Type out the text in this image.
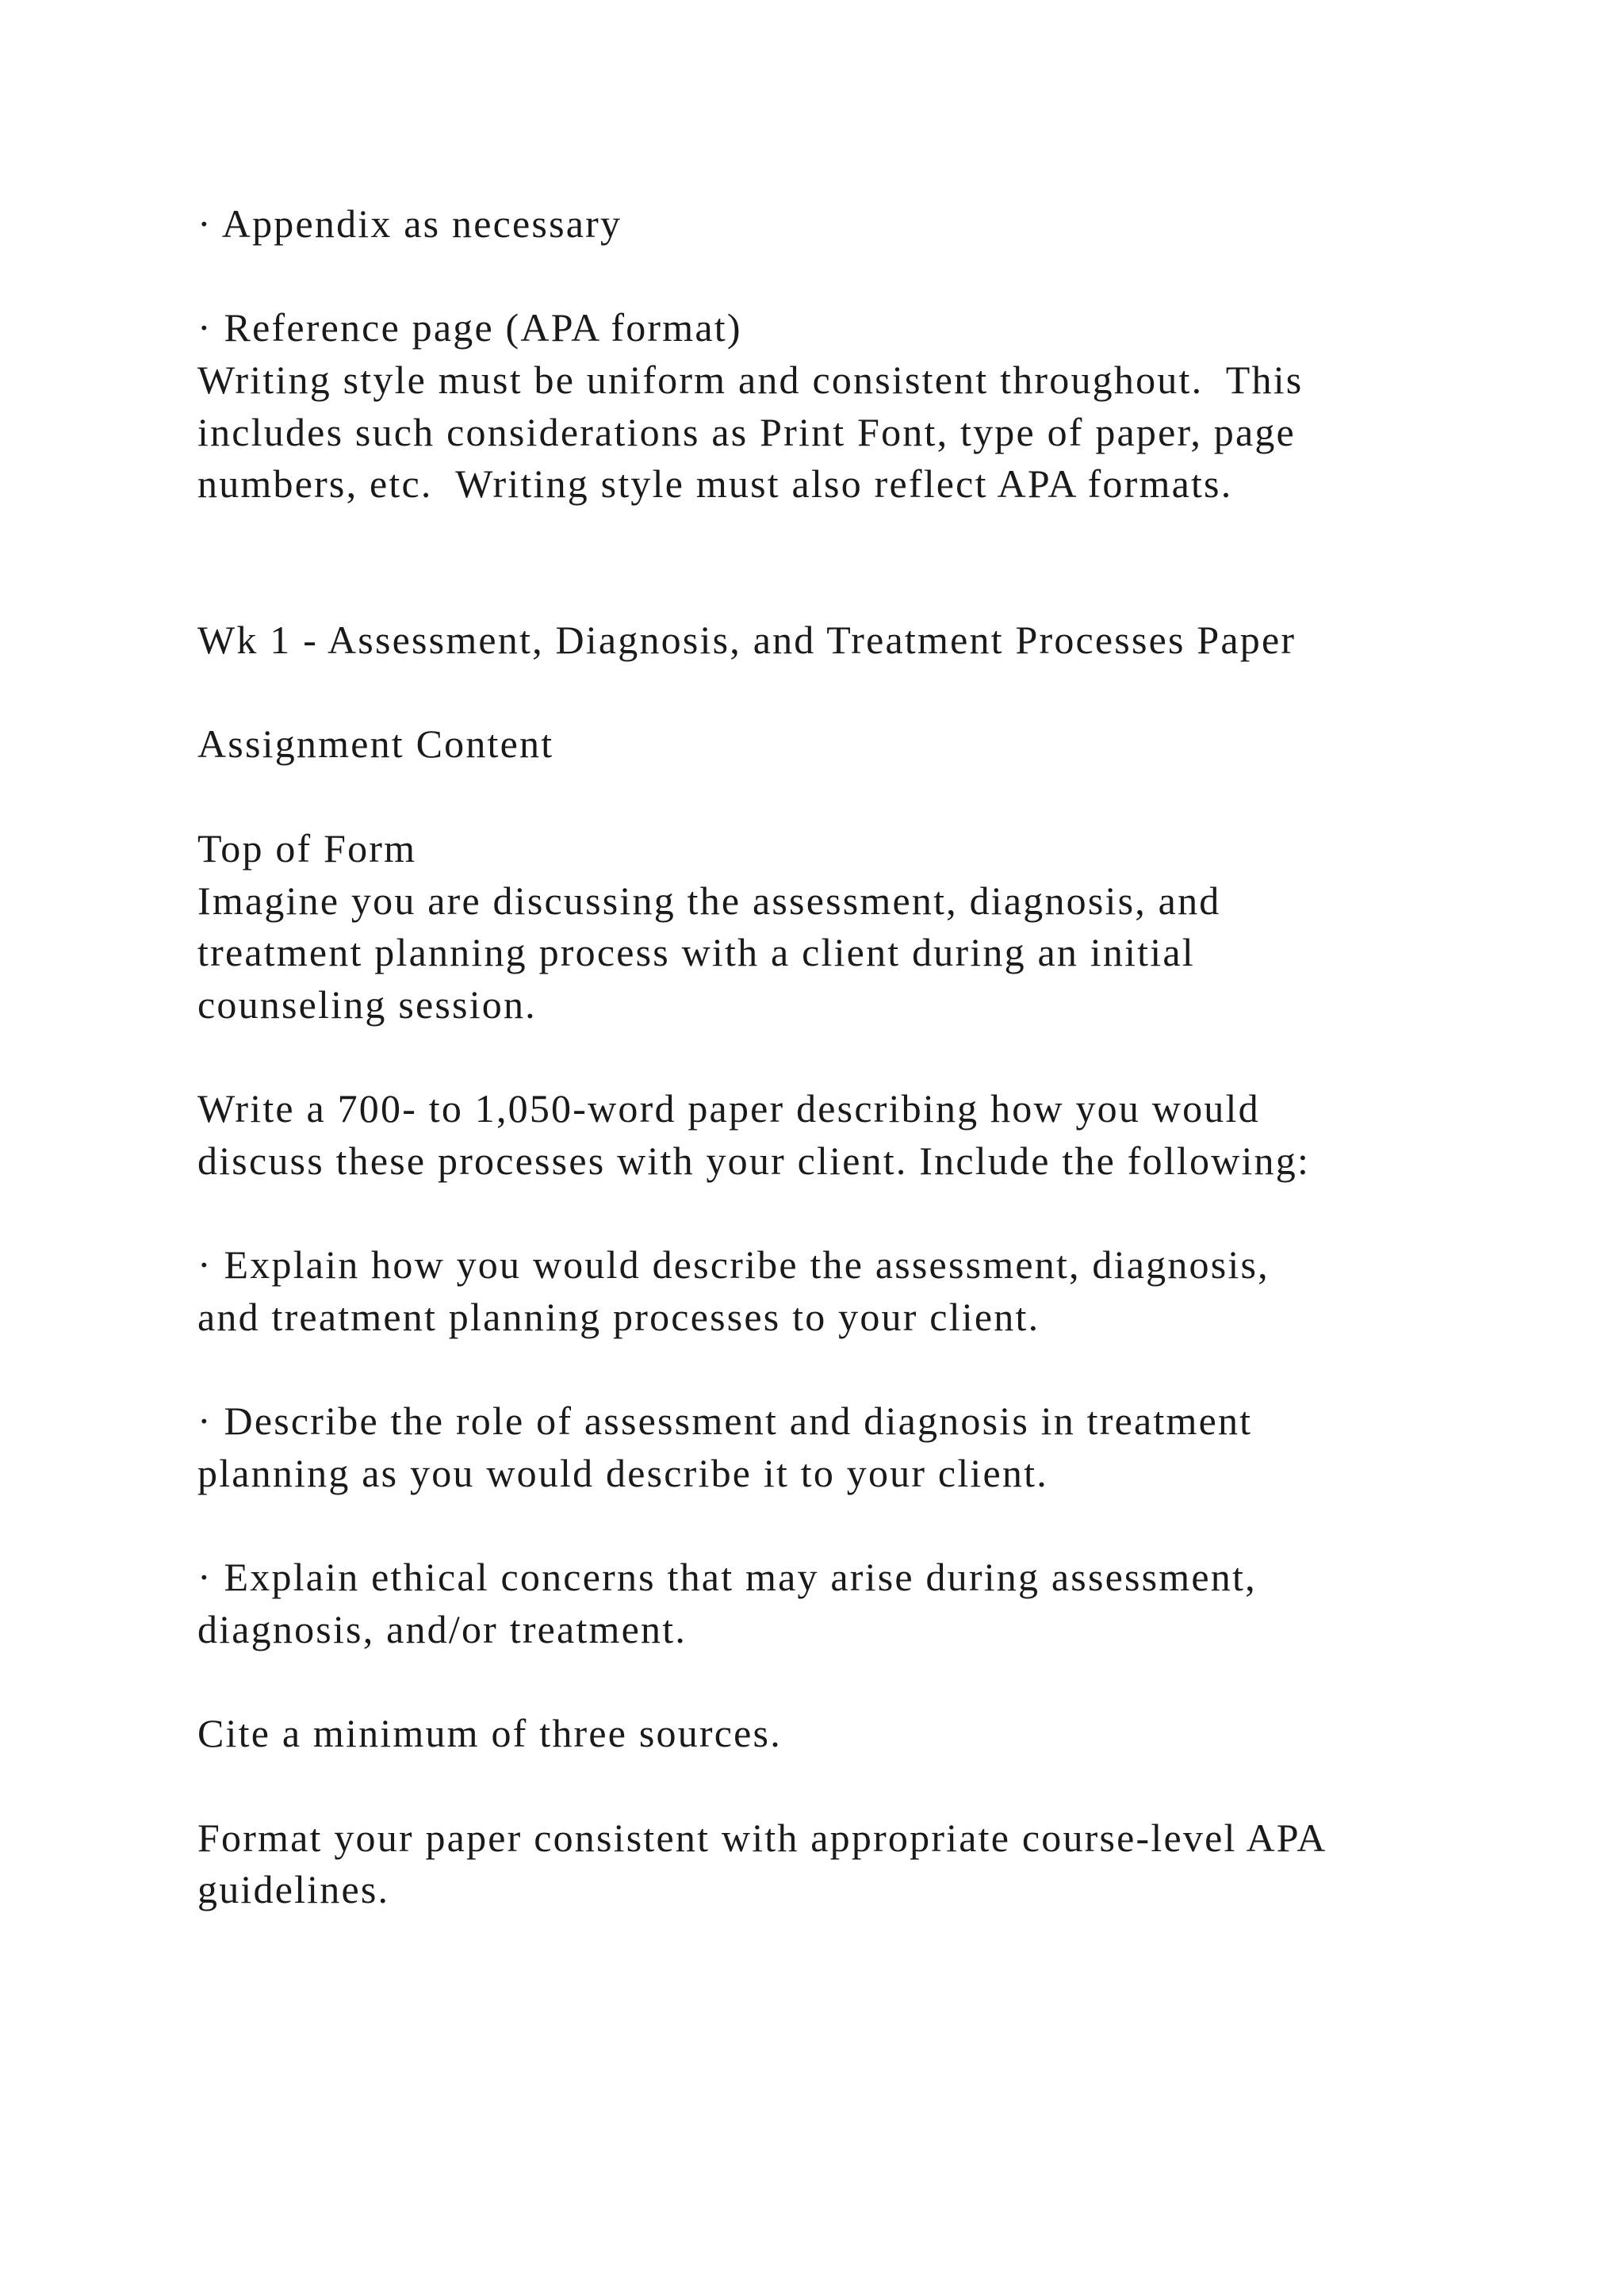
· Appendix as necessary

· Reference page (APA format)

Writing style must be uniform and consistent throughout.  This

includes such considerations as Print Font, type of paper, page

numbers, etc.  Writing style must also reflect APA formats.

Wk 1 - Assessment, Diagnosis, and Treatment Processes Paper

Assignment Content

Top of Form

Imagine you are discussing the assessment, diagnosis, and

treatment planning process with a client during an initial

counseling session.

Write a 700- to 1,050-word paper describing how you would

discuss these processes with your client. Include the following:

· Explain how you would describe the assessment, diagnosis,

and treatment planning processes to your client.

· Describe the role of assessment and diagnosis in treatment

planning as you would describe it to your client.

· Explain ethical concerns that may arise during assessment,

diagnosis, and/or treatment.

Cite a minimum of three sources.

Format your paper consistent with appropriate course-level APA

guidelines.
